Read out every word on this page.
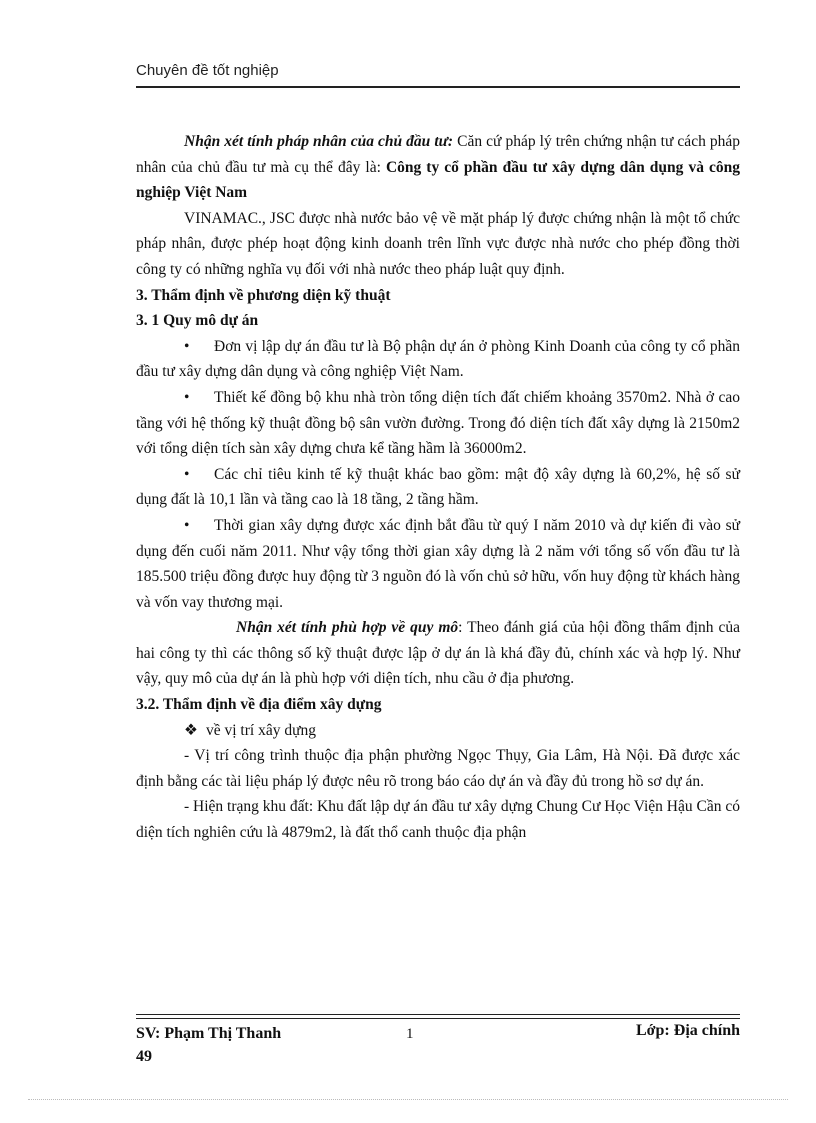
Chuyên đề tốt nghiệp

Nhận xét tính pháp nhân của chủ đầu tư: Căn cứ pháp lý trên chứng nhận tư cách pháp nhân của chủ đầu tư mà cụ thể đây là: Công ty cổ phần đầu tư xây dựng dân dụng và công nghiệp Việt Nam

VINAMAC., JSC được nhà nước bảo vệ về mặt pháp lý được chứng nhận là một tổ chức pháp nhân, được phép hoạt động kinh doanh trên lĩnh vực được nhà nước cho phép đồng thời công ty có những nghĩa vụ đối với nhà nước theo pháp luật quy định.

3. Thẩm định về phương diện kỹ thuật

3. 1 Quy mô dự án

• Đơn vị lập dự án đầu tư là Bộ phận dự án ở phòng Kinh Doanh của công ty cổ phần đầu tư xây dựng dân dụng và công nghiệp Việt Nam.

• Thiết kế đồng bộ khu nhà tròn tổng diện tích đất chiếm khoảng 3570m2. Nhà ở cao tầng với hệ thống kỹ thuật đồng bộ sân vườn đường. Trong đó diện tích đất xây dựng là 2150m2 với tổng diện tích sàn xây dựng chưa kể tầng hầm là 36000m2.

• Các chỉ tiêu kinh tế kỹ thuật khác bao gồm: mật độ xây dựng là 60,2%, hệ số sử dụng đất là 10,1 lần và tầng cao là 18 tầng, 2 tầng hầm.

• Thời gian xây dựng được xác định bắt đầu từ quý I năm 2010 và dự kiến đi vào sử dụng đến cuối năm 2011. Như vậy tổng thời gian xây dựng là 2 năm với tổng số vốn đầu tư là 185.500 triệu đồng được huy động từ 3 nguồn đó là vốn chủ sở hữu, vốn huy động từ khách hàng và vốn vay thương mại.

Nhận xét tính phù hợp về quy mô: Theo đánh giá của hội đồng thẩm định của hai công ty thì các thông số kỹ thuật được lập ở dự án là khá đầy đủ, chính xác và hợp lý. Như vậy, quy mô của dự án là phù hợp với diện tích, nhu cầu ở địa phương.

3.2. Thẩm định về địa điểm xây dựng

❖ về vị trí xây dựng

- Vị trí công trình thuộc địa phận phường Ngọc Thụy, Gia Lâm, Hà Nội. Đã được xác định bằng các tài liệu pháp lý được nêu rõ trong báo cáo dự án và đầy đủ trong hồ sơ dự án.

- Hiện trạng khu đất: Khu đất lập dự án đầu tư xây dựng Chung Cư Học Viện Hậu Cần có diện tích nghiên cứu là 4879m2, là đất thổ canh thuộc địa phận

SV: Phạm Thị Thanh
49
1	Lớp: Địa chính
